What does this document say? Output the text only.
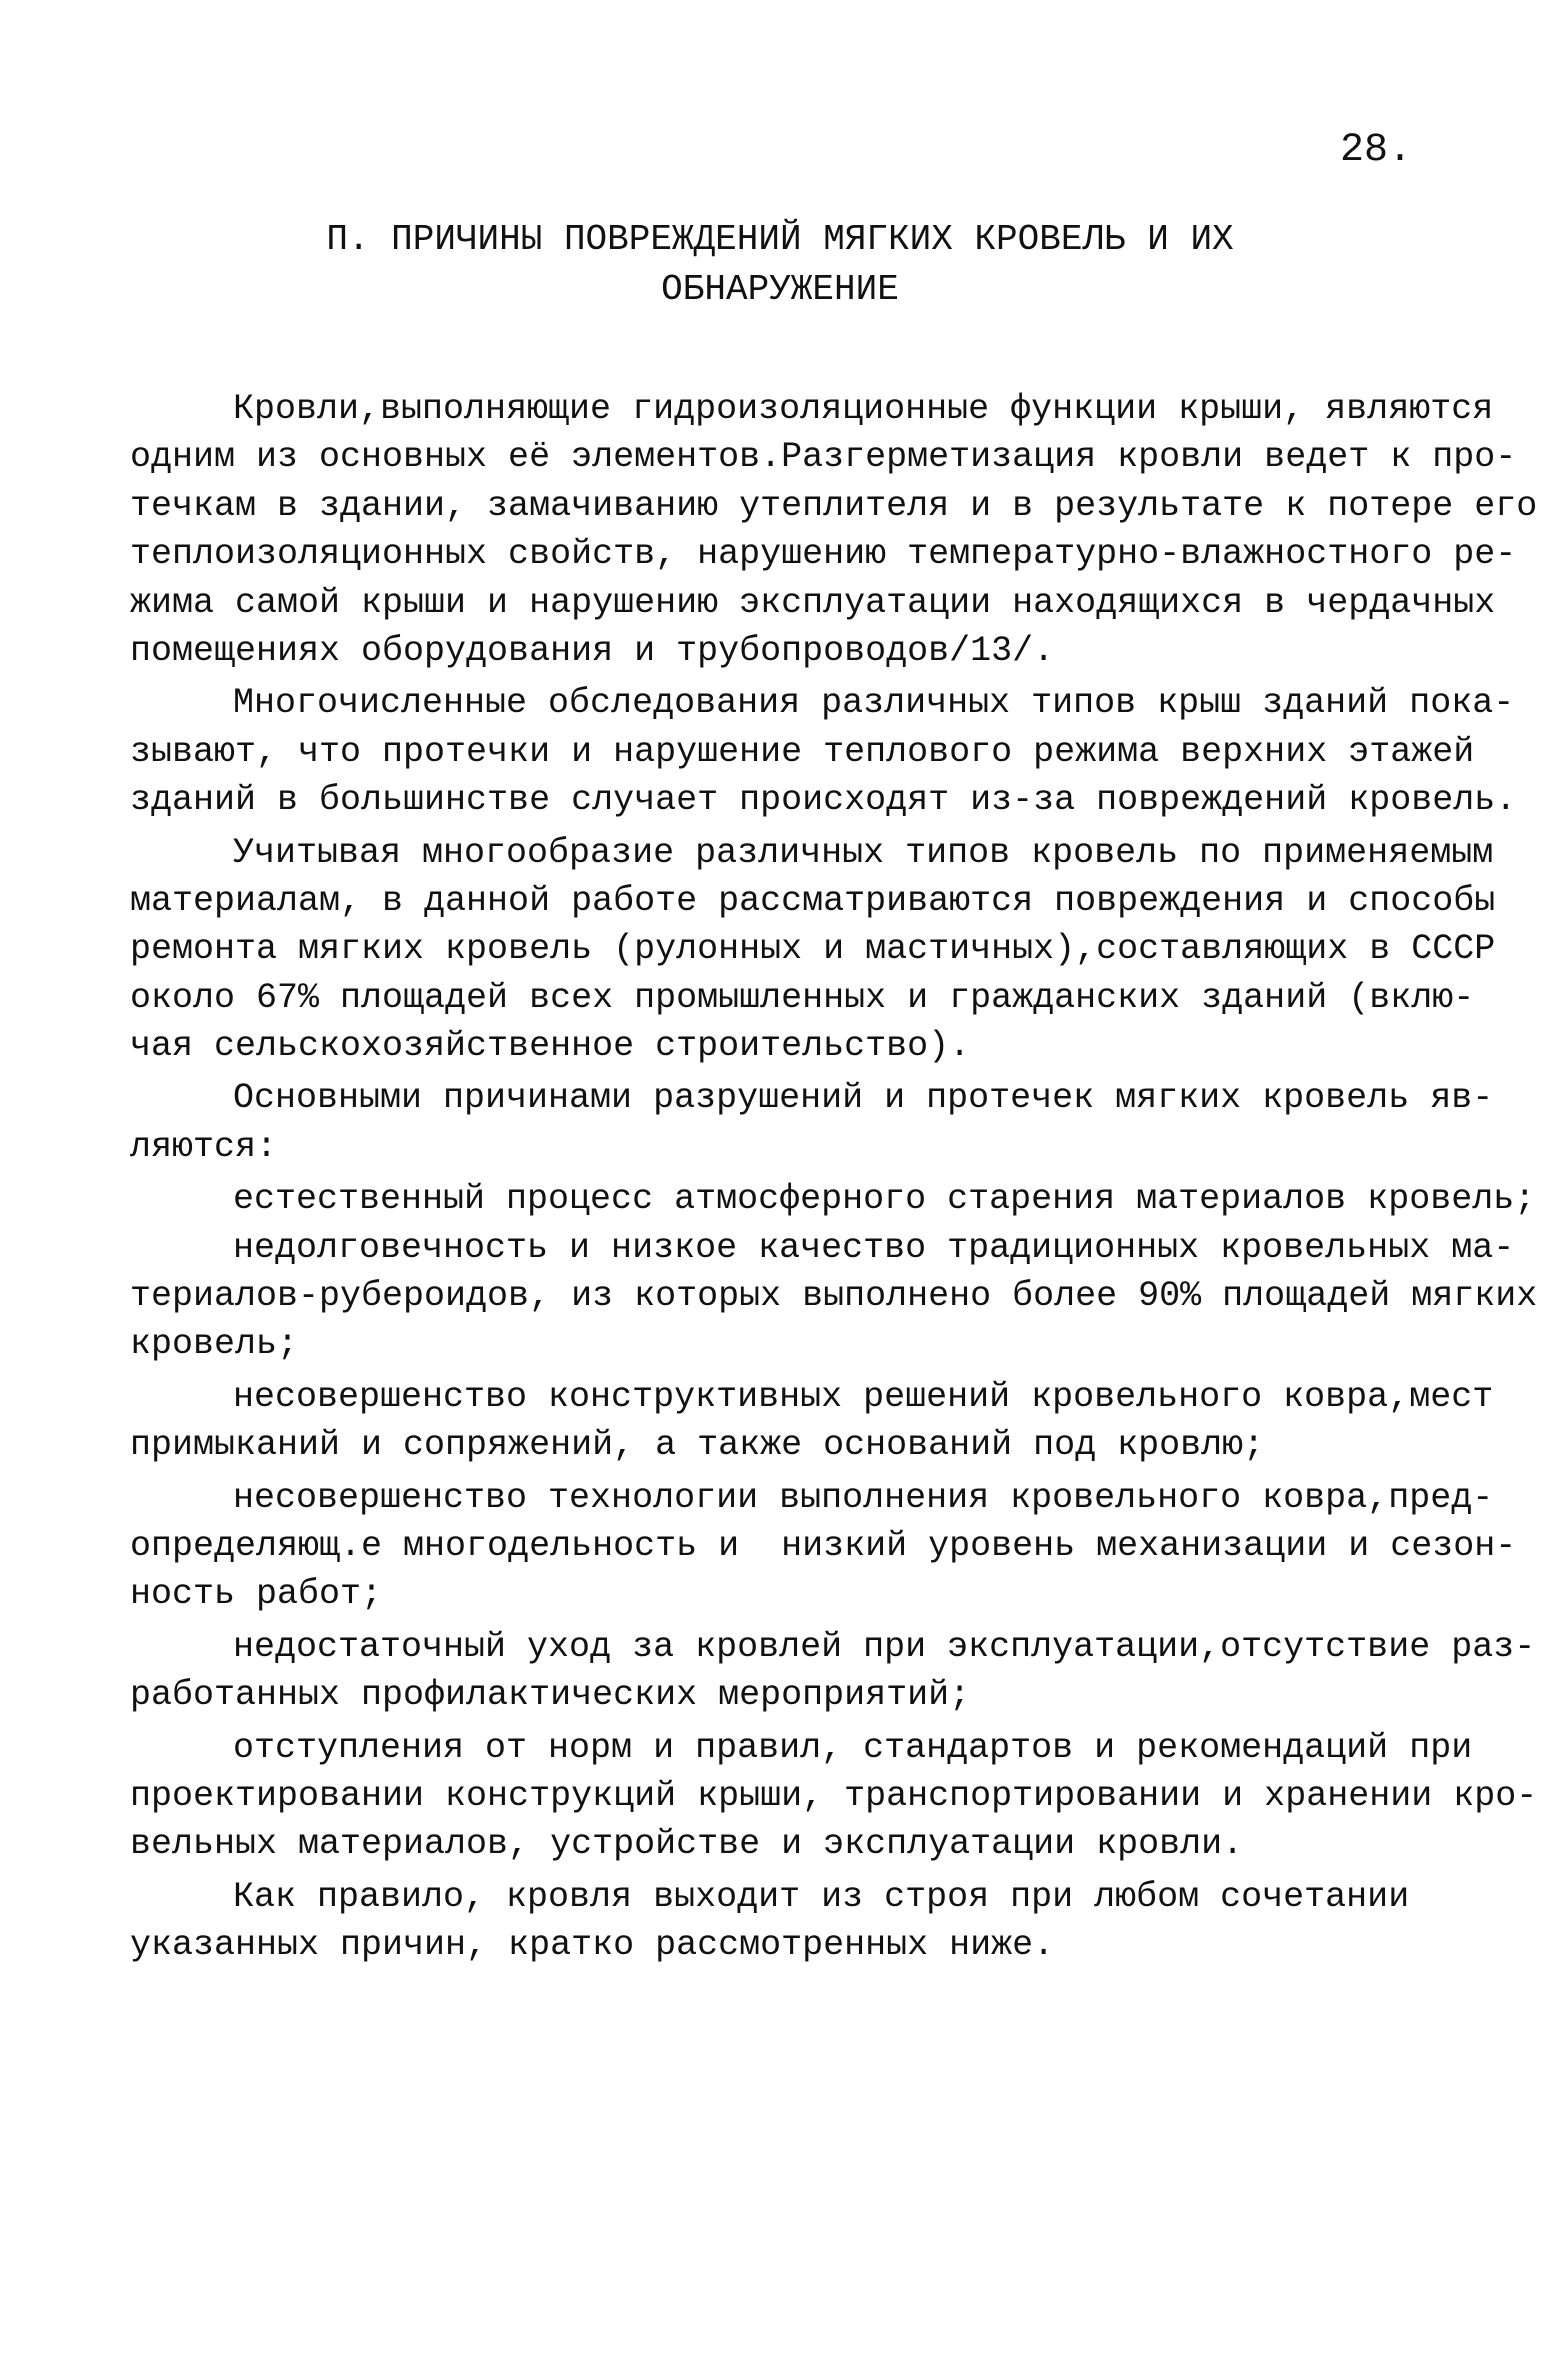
28.
П. ПРИЧИНЫ ПОВРЕЖДЕНИЙ МЯГКИХ КРОВЕЛЬ И ИХ
ОБНАРУЖЕНИЕ
Кровли,выполняющие гидроизоляционные функции крыши, являются
одним из основных её элементов.Разгерметизация кровли ведет к про-
течкам в здании, замачиванию утеплителя и в результате к потере его
теплоизоляционных свойств, нарушению температурно-влажностного ре-
жима самой крыши и нарушению эксплуатации находящихся в чердачных
помещениях оборудования и трубопроводов/13/.
Многочисленные обследования различных типов крыш зданий пока-
зывают, что протечки и нарушение теплового режима верхних этажей
зданий в большинстве случает происходят из-за повреждений кровель.
Учитывая многообразие различных типов кровель по применяемым
материалам, в данной работе рассматриваются повреждения и способы
ремонта мягких кровель (рулонных и мастичных),составляющих в СССР
около 67% площадей всех промышленных и гражданских зданий (вклю-
чая сельскохозяйственное строительство).
Основными причинами разрушений и протечек мягких кровель яв-
ляются:
естественный процесс атмосферного старения материалов кровель;
недолговечность и низкое качество традиционных кровельных ма-
териалов-рубероидов, из которых выполнено более 90% площадей мягких
кровель;
несовершенство конструктивных решений кровельного ковра,мест
примыканий и сопряжений, а также оснований под кровлю;
несовершенство технологии выполнения кровельного ковра,пред-
определяющ.е многодельность и  низкий уровень механизации и сезон-
ность работ;
недостаточный уход за кровлей при эксплуатации,отсутствие раз-
работанных профилактических мероприятий;
отступления от норм и правил, стандартов и рекомендаций при
проектировании конструкций крыши, транспортировании и хранении кро-
вельных материалов, устройстве и эксплуатации кровли.
Как правило, кровля выходит из строя при любом сочетании
указанных причин, кратко рассмотренных ниже.
